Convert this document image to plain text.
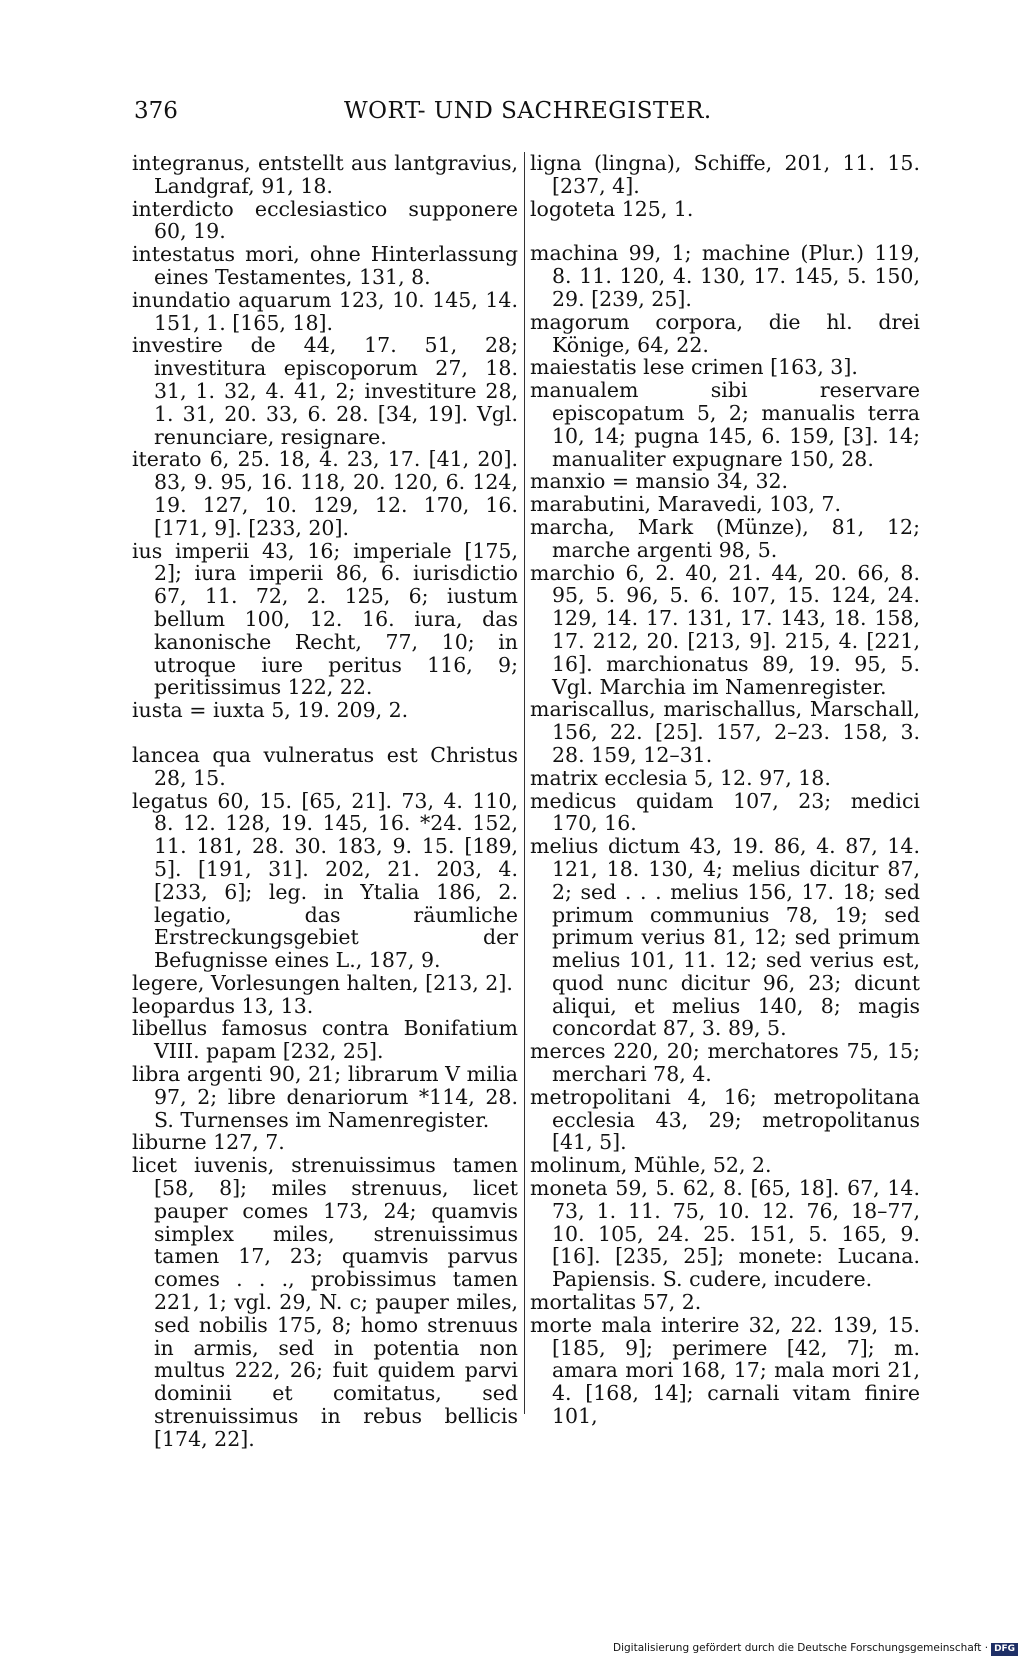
376	WORT- UND SACHREGISTER.

integranus, entstellt aus lantgravius, Landgraf, 91, 18.

interdicto ecclesiastico supponere 60, 19.

intestatus mori, ohne Hinterlassung eines Testamentes, 131, 8.

inundatio aquarum 123, 10. 145, 14. 151, 1. [165, 18].

investire de 44, 17. 51, 28; investitura episcoporum 27, 18. 31, 1. 32, 4. 41, 2; investiture 28, 1. 31, 20. 33, 6. 28. [34, 19]. Vgl. renunciare, resignare.

iterato 6, 25. 18, 4. 23, 17. [41, 20]. 83, 9. 95, 16. 118, 20. 120, 6. 124, 19. 127, 10. 129, 12. 170, 16. [171, 9]. [233, 20].

ius imperii 43, 16; imperiale [175, 2]; iura imperii 86, 6. iurisdictio 67, 11. 72, 2. 125, 6; iustum bellum 100, 12. 16. iura, das kanonische Recht, 77, 10; in utroque iure peritus 116, 9; peritissimus 122, 22.

iusta = iuxta 5, 19. 209, 2.

lancea qua vulneratus est Christus 28, 15.

legatus 60, 15. [65, 21]. 73, 4. 110, 8. 12. 128, 19. 145, 16. *24. 152, 11. 181, 28. 30. 183, 9. 15. [189, 5]. [191, 31]. 202, 21. 203, 4. [233, 6]; leg. in Ytalia 186, 2. legatio, das räumliche Erstreckungsgebiet der Befugnisse eines L., 187, 9.

legere, Vorlesungen halten, [213, 2].

leopardus 13, 13.

libellus famosus contra Bonifatium VIII. papam [232, 25].

libra argenti 90, 21; librarum V milia 97, 2; libre denariorum *114, 28. S. Turnenses im Namenregister.

liburne 127, 7.

licet iuvenis, strenuissimus tamen [58, 8]; miles strenuus, licet pauper comes 173, 24; quamvis simplex miles, strenuissimus tamen 17, 23; quamvis parvus comes . . ., probissimus tamen 221, 1; vgl. 29, N. c; pauper miles, sed nobilis 175, 8; homo strenuus in armis, sed in potentia non multus 222, 26; fuit quidem parvi dominii et comitatus, sed strenuissimus in rebus bellicis [174, 22].

ligna (lingna), Schiffe, 201, 11. 15. [237, 4].

logoteta 125, 1.

machina 99, 1; machine (Plur.) 119, 8. 11. 120, 4. 130, 17. 145, 5. 150, 29. [239, 25].

magorum corpora, die hl. drei Könige, 64, 22.

maiestatis lese crimen [163, 3].

manualem sibi reservare episcopatum 5, 2; manualis terra 10, 14; pugna 145, 6. 159, [3]. 14; manualiter expugnare 150, 28.

manxio = mansio 34, 32.

marabutini, Maravedi, 103, 7.

marcha, Mark (Münze), 81, 12; marche argenti 98, 5.

marchio 6, 2. 40, 21. 44, 20. 66, 8. 95, 5. 96, 5. 6. 107, 15. 124, 24. 129, 14. 17. 131, 17. 143, 18. 158, 17. 212, 20. [213, 9]. 215, 4. [221, 16]. marchionatus 89, 19. 95, 5. Vgl. Marchia im Namenregister.

mariscallus, marischallus, Marschall, 156, 22. [25]. 157, 2–23. 158, 3. 28. 159, 12–31.

matrix ecclesia 5, 12. 97, 18.

medicus quidam 107, 23; medici 170, 16.

melius dictum 43, 19. 86, 4. 87, 14. 121, 18. 130, 4; melius dicitur 87, 2; sed . . . melius 156, 17. 18; sed primum communius 78, 19; sed primum verius 81, 12; sed primum melius 101, 11. 12; sed verius est, quod nunc dicitur 96, 23; dicunt aliqui, et melius 140, 8; magis concordat 87, 3. 89, 5.

merces 220, 20; merchatores 75, 15; merchari 78, 4.

metropolitani 4, 16; metropolitana ecclesia 43, 29; metropolitanus [41, 5].

molinum, Mühle, 52, 2.

moneta 59, 5. 62, 8. [65, 18]. 67, 14. 73, 1. 11. 75, 10. 12. 76, 18–77, 10. 105, 24. 25. 151, 5. 165, 9. [16]. [235, 25]; monete: Lucana. Papiensis. S. cudere, incudere.

mortalitas 57, 2.

morte mala interire 32, 22. 139, 15. [185, 9]; perimere [42, 7]; m. amara mori 168, 17; mala mori 21, 4. [168, 14]; carnali vitam finire 101,

Digitalisierung gefördert durch die Deutsche Forschungsgemeinschaft · DFG
